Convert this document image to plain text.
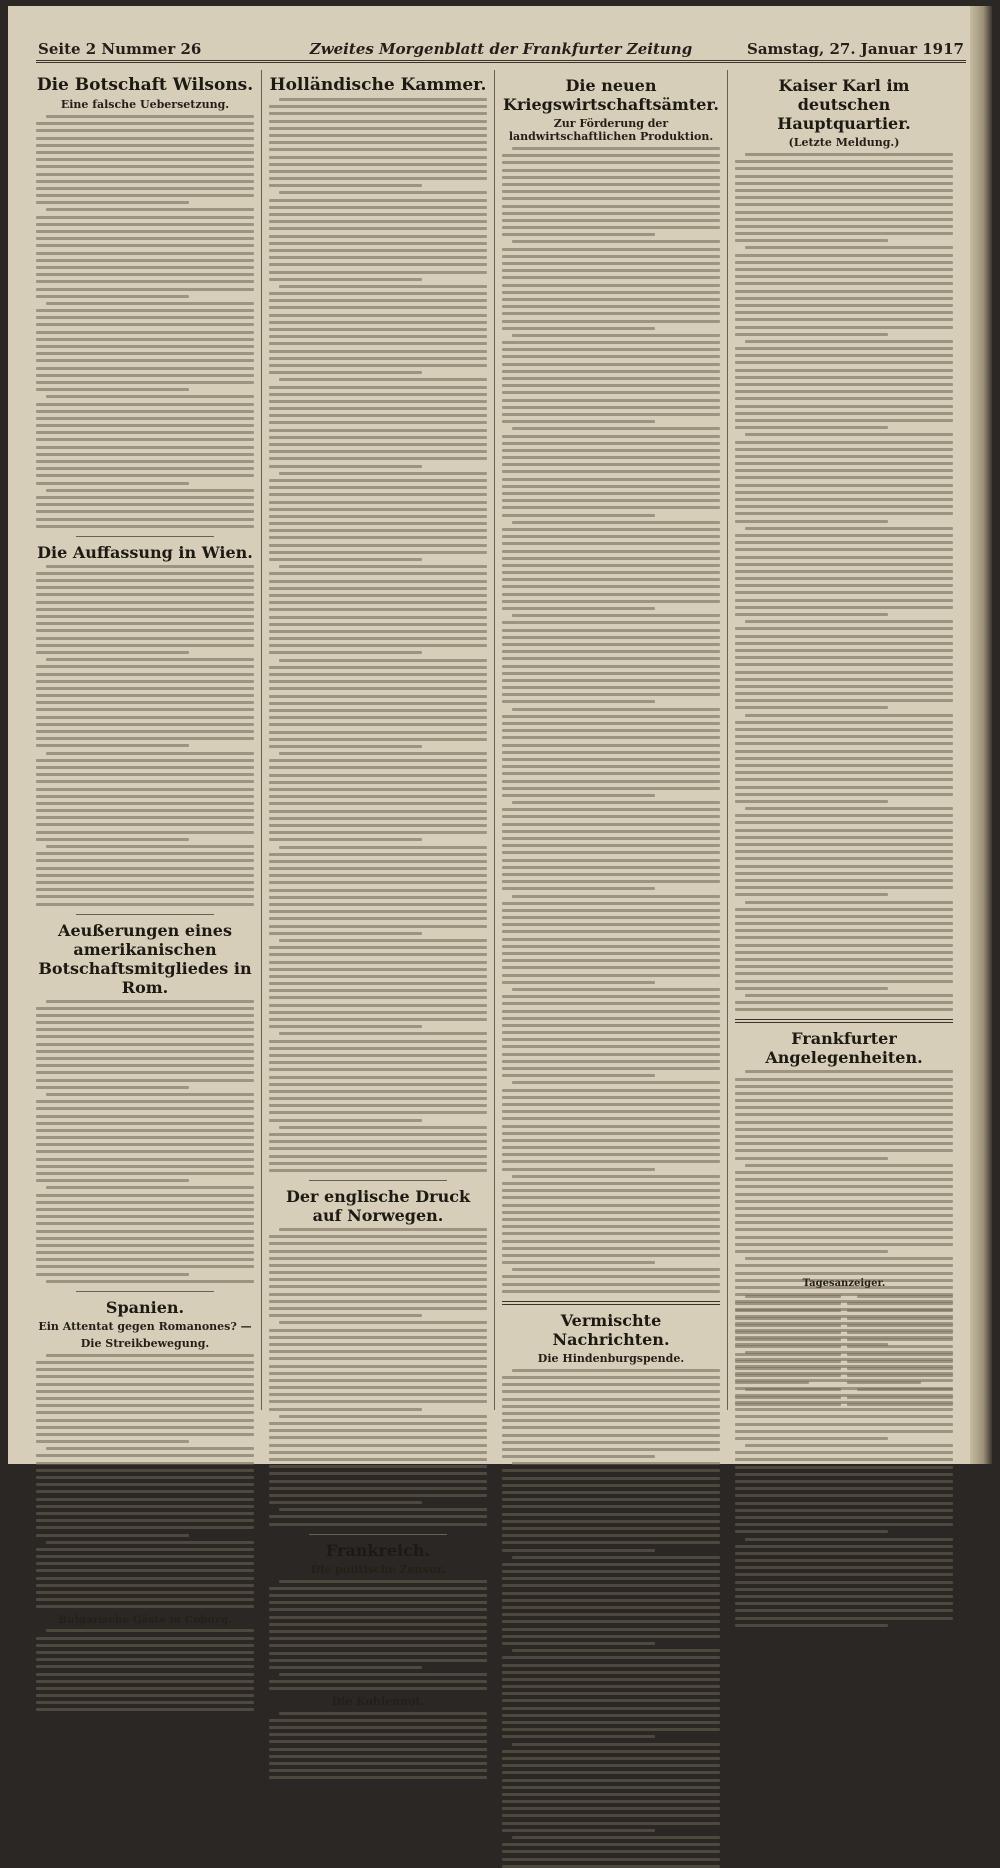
Seite 2 Nummer 26	Zweites Morgenblatt der Frankfurter Zeitung	Samstag, 27. Januar 1917
Die Botschaft Wilsons.
Eine falsche Uebersetzung.
Die Auffassung in Wien.
Aeußerungen eines amerikanischen Botschaftsmitgliedes in Rom.
Spanien.
Ein Attentat gegen Romanones? —
Die Streikbewegung.
Bulgarische Gäste in Coburg.
Holländische Kammer.
Der englische Druck auf Norwegen.
Frankreich.
Die politische Zensur.
Die Kohlennot.
Die neuen Kriegswirtschaftsämter.
Zur Förderung der landwirtschaftlichen Produktion.
Vermischte Nachrichten.
Die Hindenburgspende.
Kaiser Karl im deutschen Hauptquartier.
(Letzte Meldung.)
Frankfurter Angelegenheiten.
Tagesanzeiger.
